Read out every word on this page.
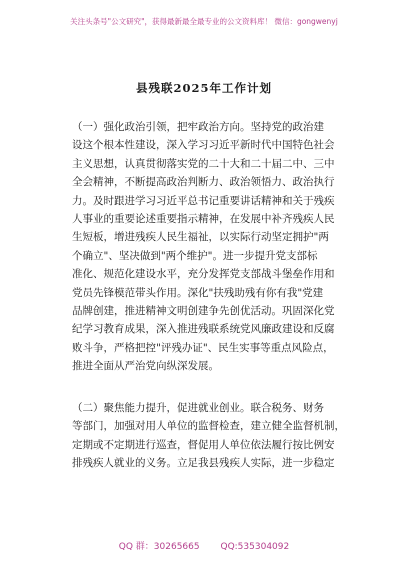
关注头条号"公文研究"，获得最新最全最专业的公文资料库！ 微信：gongwenyj
县残联2025年工作计划
（一）强化政治引领，把牢政治方向。坚持党的政治建
设这个根本性建设，深入学习习近平新时代中国特色社会
主义思想，认真贯彻落实党的二十大和二十届二中、三中
全会精神，不断提高政治判断力、政治领悟力、政治执行
力。及时跟进学习习近平总书记重要讲话精神和关于残疾
人事业的重要论述重要指示精神，在发展中补齐残疾人民
生短板，增进残疾人民生福祉，以实际行动坚定拥护"两
个确立"、坚决做到"两个维护"。进一步提升党支部标
准化、规范化建设水平，充分发挥党支部战斗堡垒作用和
党员先锋模范带头作用。深化"扶残助残有你有我"党建
品牌创建，推进精神文明创建争先创优活动。巩固深化党
纪学习教育成果，深入推进残联系统党风廉政建设和反腐
败斗争，严格把控"评残办证"、民生实事等重点风险点，
推进全面从严治党向纵深发展。
（二）聚焦能力提升，促进就业创业。联合税务、财务
等部门，加强对用人单位的监督检查，建立健全监督机制，
定期或不定期进行巡查，督促用人单位依法履行按比例安
排残疾人就业的义务。立足我县残疾人实际，进一步稳定
QQ 群：30265665 QQ:535304092
